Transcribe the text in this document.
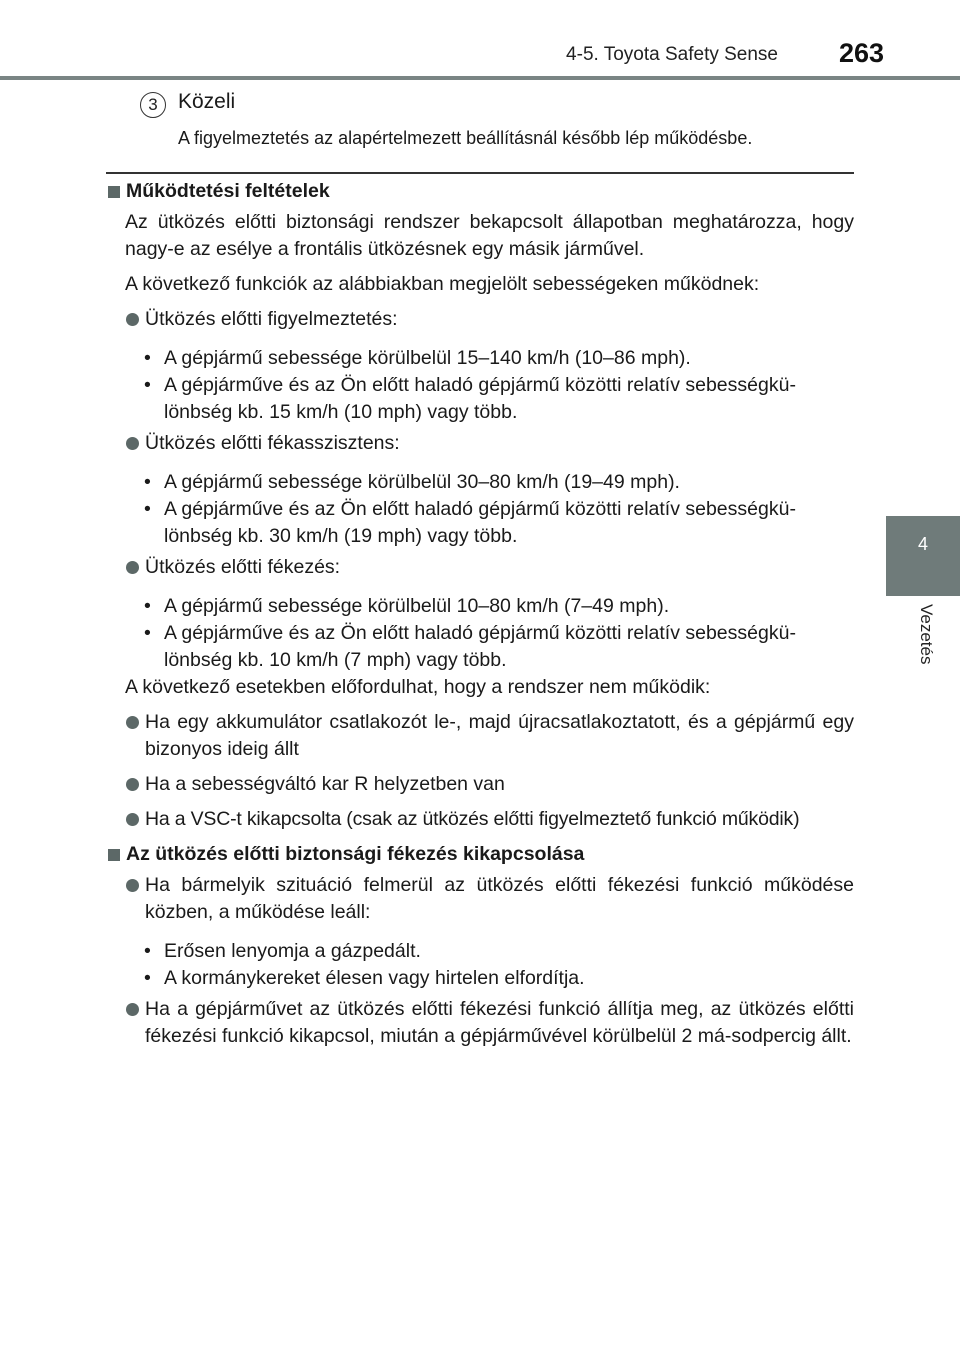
4-5. Toyota Safety Sense 263
4
Vezetés
3 Közeli
A figyelmeztetés az alapértelmezett beállításnál később lép működésbe.

Működtetési feltételek

Az ütközés előtti biztonsági rendszer bekapcsolt állapotban meghatározza, hogy nagy-e az esélye a frontális ütközésnek egy másik járművel.

A következő funkciók az alábbiakban megjelölt sebességeken működnek:

Ütközés előtti figyelmeztetés:

• A gépjármű sebessége körülbelül 15–140 km/h (10–86 mph).

• A gépjárműve és az Ön előtt haladó gépjármű közötti relatív sebességkü-lönbség kb. 15 km/h (10 mph) vagy több.

Ütközés előtti fékasszisztens:

• A gépjármű sebessége körülbelül 30–80 km/h (19–49 mph).

• A gépjárműve és az Ön előtt haladó gépjármű közötti relatív sebességkü-lönbség kb. 30 km/h (19 mph) vagy több.

Ütközés előtti fékezés:

• A gépjármű sebessége körülbelül 10–80 km/h (7–49 mph).

• A gépjárműve és az Ön előtt haladó gépjármű közötti relatív sebességkü-lönbség kb. 10 km/h (7 mph) vagy több.

A következő esetekben előfordulhat, hogy a rendszer nem működik:

Ha egy akkumulátor csatlakozót le-, majd újracsatlakoztatott, és a gépjármű egy bizonyos ideig állt

Ha a sebességváltó kar R helyzetben van

Ha a VSC-t kikapcsolta (csak az ütközés előtti figyelmeztető funkció működik)

Az ütközés előtti biztonsági fékezés kikapcsolása

Ha bármelyik szituáció felmerül az ütközés előtti fékezési funkció működése közben, a működése leáll:

• Erősen lenyomja a gázpedált.

• A kormánykereket élesen vagy hirtelen elfordítja.

Ha a gépjárművet az ütközés előtti fékezési funkció állítja meg, az ütközés előtti fékezési funkció kikapcsol, miután a gépjárművével körülbelül 2 má-sodpercig állt.
